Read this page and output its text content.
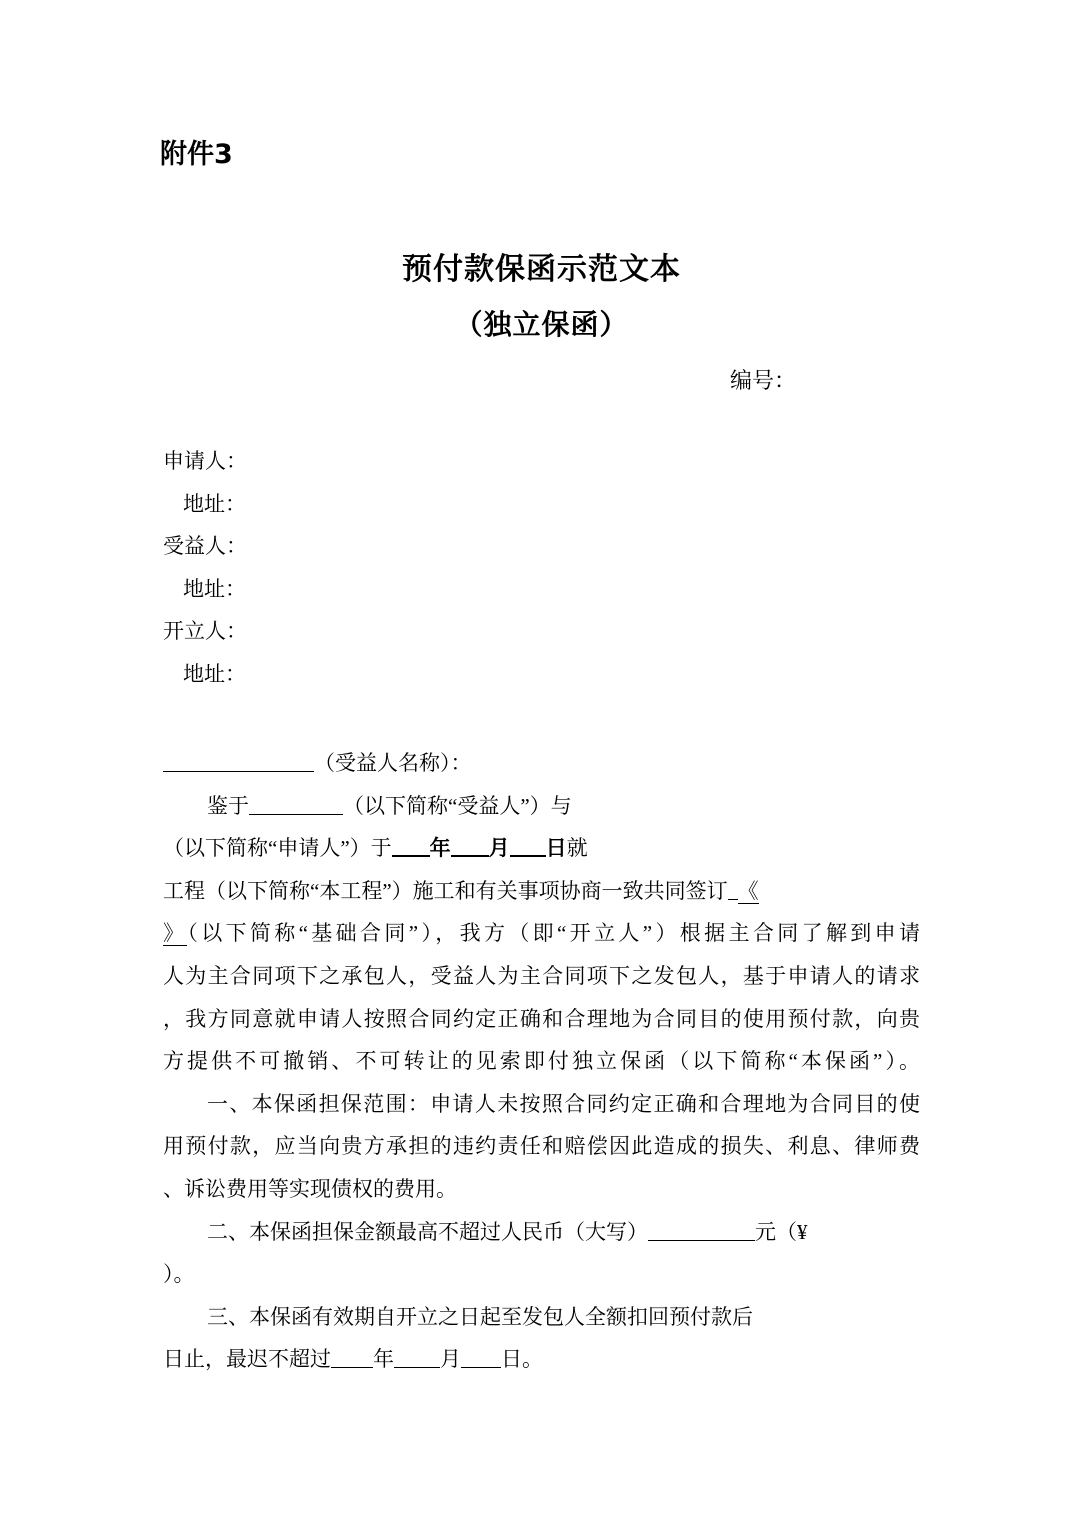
附件3
预付款保函示范文本
（独立保函）
编号：
申请人：
地址：
受益人：
地址：
开立人：
地址：
（受益人名称）：
鉴于	（以下简称“受益人”）与
（以下简称“申请人”）于 年 月 日就
工程（以下简称“本工程”）施工和有关事项协商一致共同签订 《
》（以下简称“基础合同”），我方（即“开立人”）根据主合同了解到申请
人为主合同项下之承包人，受益人为主合同项下之发包人，基于申请人的请求
，我方同意就申请人按照合同约定正确和合理地为合同目的使用预付款，向贵
方提供不可撤销、不可转让的见索即付独立保函（以下简称“本保函”）。
一、本保函担保范围：申请人未按照合同约定正确和合理地为合同目的使
用预付款，应当向贵方承担的违约责任和赔偿因此造成的损失、利息、律师费
、诉讼费用等实现债权的费用。
二、本保函担保金额最高不超过人民币（大写）	元（¥
）。
三、本保函有效期自开立之日起至发包人全额扣回预付款后
日止，最迟不超过 年 月 日。
